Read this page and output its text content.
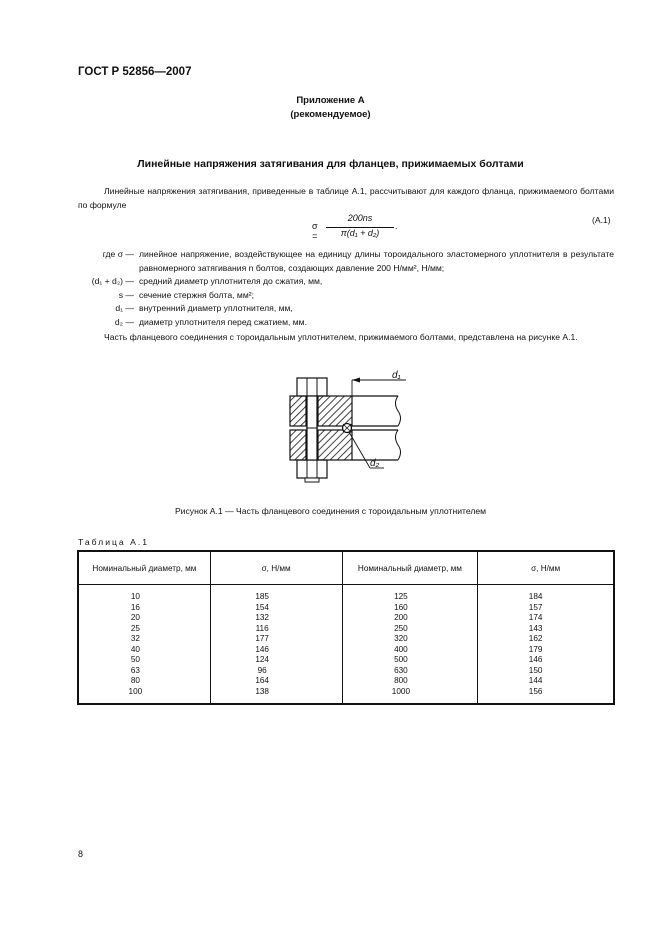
ГОСТ Р 52856—2007
Приложение А
(рекомендуемое)
Линейные напряжения затягивания для фланцев, прижимаемых болтами
Линейные напряжения затягивания, приведенные в таблице А.1, рассчитывают для каждого фланца, прижимаемого болтами по формуле
σ =
200ns
π(d₁ + d₂)
.
(А.1)
где σ — линейное напряжение, воздействующее на единицу длины тороидального эластомерного уплотнителя в результате равномерного затягивания n болтов, создающих давление 200 Н/мм², Н/мм;
(d₁ + d₂) — средний диаметр уплотнителя до сжатия, мм,
s — сечение стержня болта, мм²;
d₁ — внутренний диаметр уплотнителя, мм,
d₂ — диаметр уплотнителя перед сжатием, мм.
Часть фланцевого соединения с тороидальным уплотнителем, прижимаемого болтами, представлена на рисунке А.1.
d₁
d₂
Рисунок А.1 — Часть фланцевого соединения с тороидальным уплотнителем
Таблица А.1
Номинальный диаметр, мм	σ, Н/мм	Номинальный диаметр, мм	σ, Н/мм
10	185	125	184
16	154	160	157
20	132	200	174
25	116	250	143
32	177	320	162
40	146	400	179
50	124	500	146
63	96	630	150
80	164	800	144
100	138	1000	156
8
